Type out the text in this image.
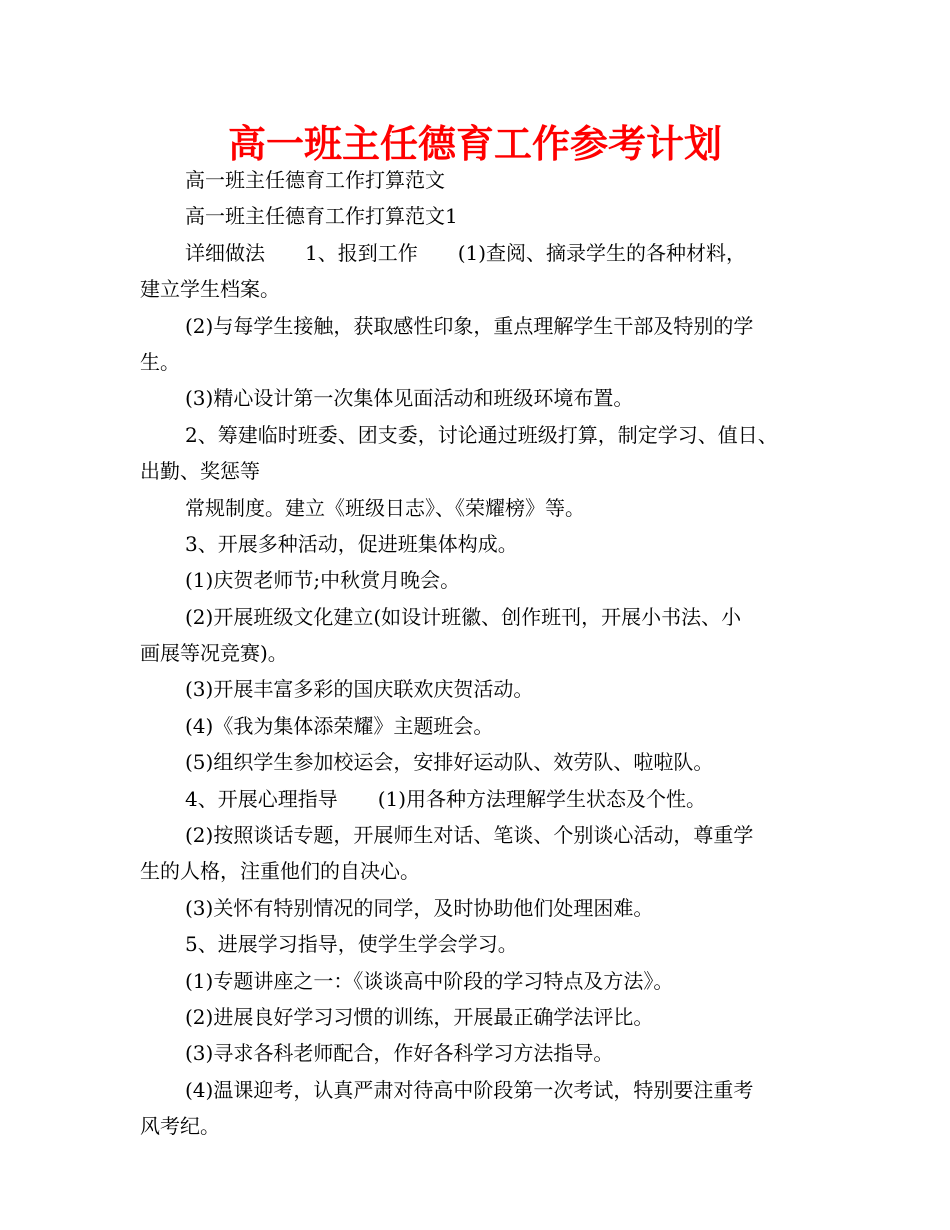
高一班主任德育工作参考计划
高一班主任德育工作打算范文
高一班主任德育工作打算范文1
详细做法　　1、报到工作　　(1)查阅、摘录学生的各种材料，
建立学生档案。
(2)与每学生接触，获取感性印象，重点理解学生干部及特别的学
生。
(3)精心设计第一次集体见面活动和班级环境布置。
2、筹建临时班委、团支委，讨论通过班级打算，制定学习、值日、
出勤、奖惩等
常规制度。建立《班级日志》、《荣耀榜》等。
3、开展多种活动，促进班集体构成。
(1)庆贺老师节;中秋赏月晚会。
(2)开展班级文化建立(如设计班徽、创作班刊，开展小书法、小
画展等况竞赛)。
(3)开展丰富多彩的国庆联欢庆贺活动。
(4)《我为集体添荣耀》主题班会。
(5)组织学生参加校运会，安排好运动队、效劳队、啦啦队。
4、开展心理指导　　(1)用各种方法理解学生状态及个性。
(2)按照谈话专题，开展师生对话、笔谈、个别谈心活动，尊重学
生的人格，注重他们的自决心。
(3)关怀有特别情况的同学，及时协助他们处理困难。
5、进展学习指导，使学生学会学习。
(1)专题讲座之一：《谈谈高中阶段的学习特点及方法》。
(2)进展良好学习习惯的训练，开展最正确学法评比。
(3)寻求各科老师配合，作好各科学习方法指导。
(4)温课迎考，认真严肃对待高中阶段第一次考试，特别要注重考
风考纪。
